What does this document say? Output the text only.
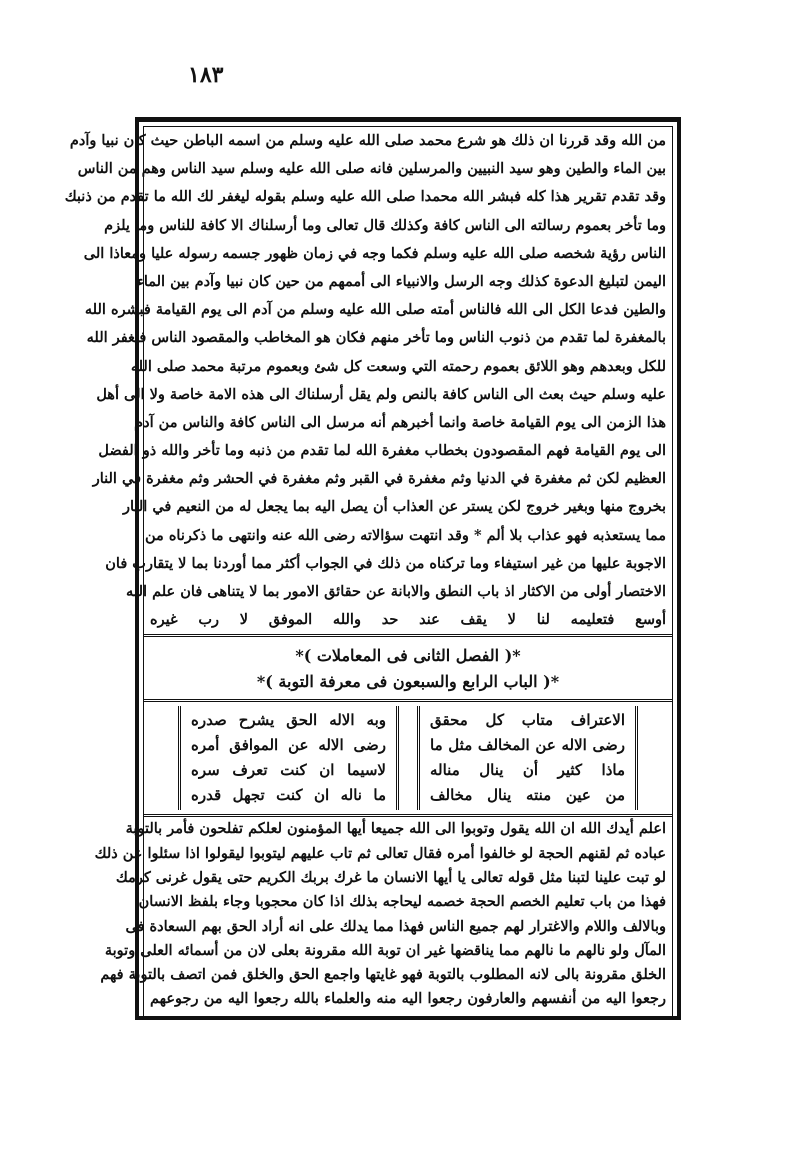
١٨٣
من الله وقد قررنا ان ذلك هو شرع محمد صلى الله عليه وسلم من اسمه الباطن حيث كان نبيا وآدم
بين الماء والطين وهو سيد النبيين والمرسلين فانه صلى الله عليه وسلم سيد الناس وهم من الناس
وقد تقدم تقرير هذا كله فبشر الله محمدا صلى الله عليه وسلم بقوله ليغفر لك الله ما تقدم من ذنبك
وما تأخر بعموم رسالته الى الناس كافة وكذلك قال تعالى وما أرسلناك الا كافة للناس وما يلزم
الناس رؤية شخصه صلى الله عليه وسلم فكما وجه في زمان ظهور جسمه رسوله عليا ومعاذا الى
اليمن لتبليغ الدعوة كذلك وجه الرسل والانبياء الى أممهم من حين كان نبيا وآدم بين الماء
والطين فدعا الكل الى الله فالناس أمته صلى الله عليه وسلم من آدم الى يوم القيامة فبشره الله
بالمغفرة لما تقدم من ذنوب الناس وما تأخر منهم فكان هو المخاطب والمقصود الناس فيغفر الله
للكل وبعدهم وهو اللائق بعموم رحمته التي وسعت كل شئ وبعموم مرتبة محمد صلى الله
عليه وسلم حيث بعث الى الناس كافة بالنص ولم يقل أرسلناك الى هذه الامة خاصة ولا الى أهل
هذا الزمن الى يوم القيامة خاصة وانما أخبرهم أنه مرسل الى الناس كافة والناس من آدم
الى يوم القيامة فهم المقصودون بخطاب مغفرة الله لما تقدم من ذنبه وما تأخر والله ذو الفضل
العظيم لكن ثم مغفرة في الدنيا وثم مغفرة في القبر وثم مغفرة في الحشر وثم مغفرة في النار
بخروج منها وبغير خروج لكن يستر عن العذاب أن يصل اليه بما يجعل له من النعيم في النار
مما يستعذبه فهو عذاب بلا ألم * وقد انتهت سؤالاته رضى الله عنه وانتهى ما ذكرناه من
الاجوبة عليها من غير استيفاء وما تركناه من ذلك في الجواب أكثر مما أوردنا بما لا يتقارب فان
الاختصار أولى من الاكثار اذ باب النطق والابانة عن حقائق الامور بما لا يتناهى فان علم الله
أوسع فتعليمه لنا لا يقف عند حد والله الموفق لا رب غيره
*( الفصل الثانى فى المعاملات )*
*( الباب الرابع والسبعون فى معرفة التوبة )*
الاعتراف متاب كل محقق
رضى الاله عن المخالف مثل ما
ماذا كثير أن ينال مناله
من عين منته ينال مخالف
وبه الاله الحق يشرح صدره
رضى الاله عن الموافق أمره
لاسيما ان كنت تعرف سره
ما ناله ان كنت تجهل قدره
اعلم أيدك الله ان الله يقول وتوبوا الى الله جميعا أيها المؤمنون لعلكم تفلحون فأمر بالتوبة
عباده ثم لقنهم الحجة لو خالفوا أمره فقال تعالى ثم تاب عليهم ليتوبوا ليقولوا اذا سئلوا عن ذلك
لو تبت علينا لتبنا مثل قوله تعالى يا أيها الانسان ما غرك بربك الكريم حتى يقول غرنى كرمك
فهذا من باب تعليم الخصم الحجة خصمه ليحاجه بذلك اذا كان محجوبا وجاء بلفظ الانسان
وبالالف واللام والاغترار لهم جميع الناس فهذا مما يدلك على انه أراد الحق بهم السعادة فى
المآل ولو نالهم ما نالهم مما يناقضها غير ان توبة الله مقرونة بعلى لان من أسمائه العلى وتوبة
الخلق مقرونة بالى لانه المطلوب بالتوبة فهو غايتها واجمع الحق والخلق فمن اتصف بالتوبة فهم
رجعوا اليه من أنفسهم والعارفون رجعوا اليه منه والعلماء بالله رجعوا اليه من رجوعهم
